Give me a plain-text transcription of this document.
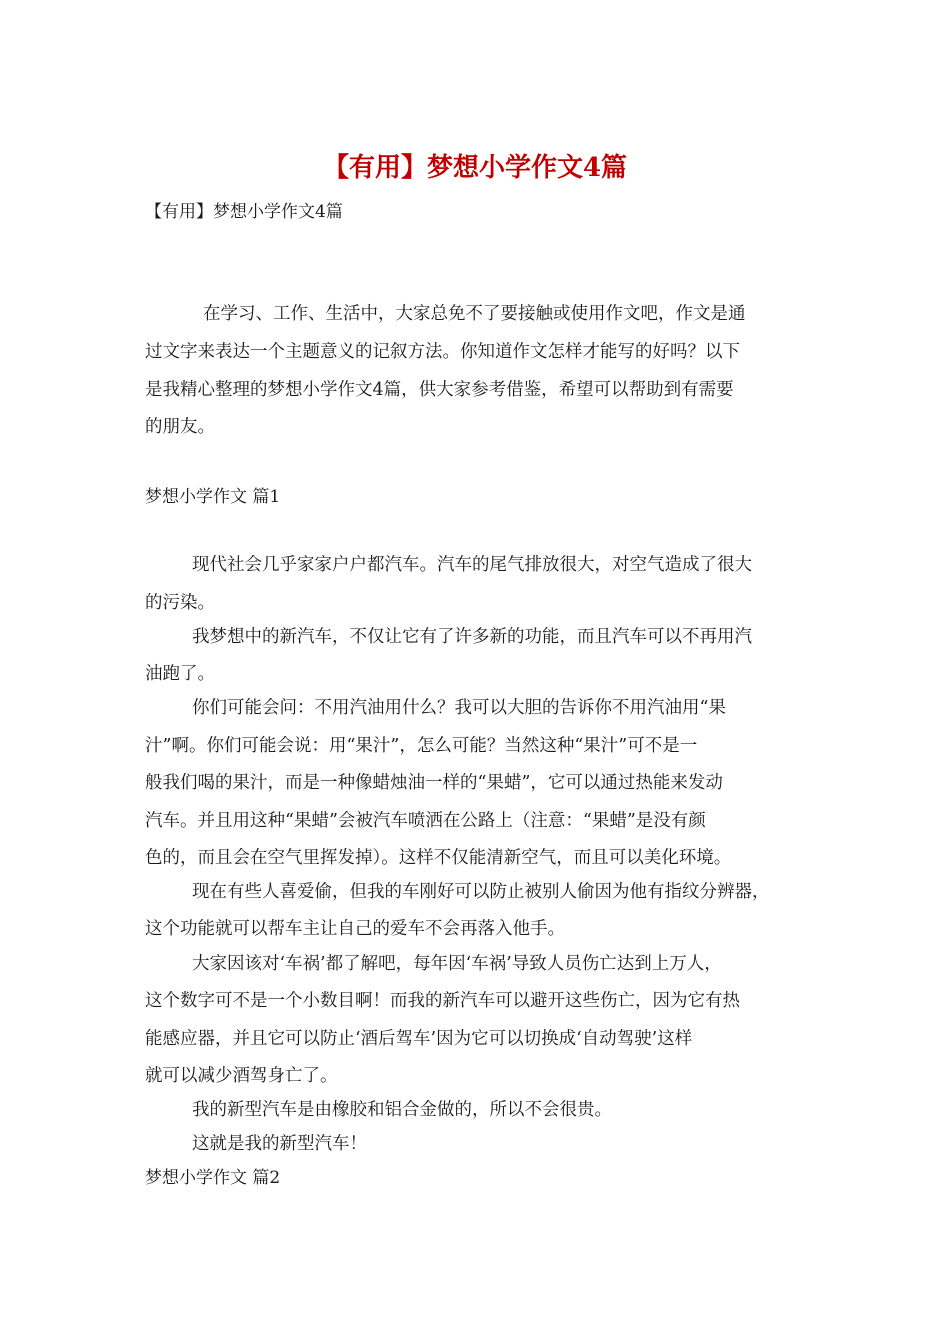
【有用】梦想小学作文4篇
【有用】梦想小学作文4篇
在学习、工作、生活中，大家总免不了要接触或使用作文吧，作文是通
过文字来表达一个主题意义的记叙方法。你知道作文怎样才能写的好吗？以下
是我精心整理的梦想小学作文4篇，供大家参考借鉴，希望可以帮助到有需要
的朋友。
梦想小学作文 篇1
现代社会几乎家家户户都汽车。汽车的尾气排放很大，对空气造成了很大
的污染。
我梦想中的新汽车，不仅让它有了许多新的功能，而且汽车可以不再用汽
油跑了。
你们可能会问：不用汽油用什么？我可以大胆的告诉你不用汽油用“果
汁”啊。你们可能会说：用“果汁”，怎么可能？当然这种“果汁”可不是一
般我们喝的果汁，而是一种像蜡烛油一样的“果蜡”，它可以通过热能来发动
汽车。并且用这种“果蜡”会被汽车喷洒在公路上（注意：“果蜡”是没有颜
色的，而且会在空气里挥发掉）。这样不仅能清新空气，而且可以美化环境。
现在有些人喜爱偷，但我的车刚好可以防止被别人偷因为他有指纹分辨器，
这个功能就可以帮车主让自己的爱车不会再落入他手。
大家因该对‘车祸’都了解吧，每年因‘车祸’导致人员伤亡达到上万人，
这个数字可不是一个小数目啊！而我的新汽车可以避开这些伤亡，因为它有热
能感应器，并且它可以防止‘酒后驾车’因为它可以切换成‘自动驾驶’这样
就可以减少酒驾身亡了。
我的新型汽车是由橡胶和铝合金做的，所以不会很贵。
这就是我的新型汽车！
梦想小学作文 篇2
